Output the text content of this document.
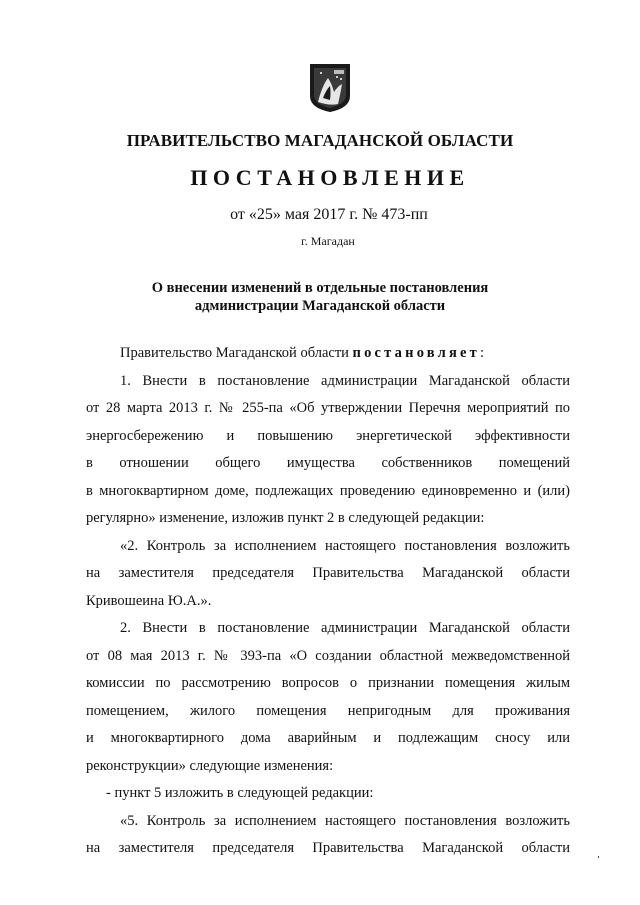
ПРАВИТЕЛЬСТВО МАГАДАНСКОЙ ОБЛАСТИ
ПОСТАНОВЛЕНИЕ
от «25» мая 2017 г. № 473-пп
г. Магадан
О внесении изменений в отдельные постановления
администрации Магаданской области
Правительство Магаданской области постановляет:
1. Внести в постановление администрации Магаданской области
от 28 марта 2013 г. № 255-па «Об утверждении Перечня мероприятий по
энергосбережению и повышению энергетической эффективности
в отношении общего имущества собственников помещений
в многоквартирном доме, подлежащих проведению единовременно и (или)
регулярно» изменение, изложив пункт 2 в следующей редакции:
«2. Контроль за исполнением настоящего постановления возложить
на заместителя председателя Правительства Магаданской области
Кривошеина Ю.А.».
2. Внести в постановление администрации Магаданской области
от 08 мая 2013 г. № 393-па «О создании областной межведомственной
комиссии по рассмотрению вопросов о признании помещения жилым
помещением, жилого помещения непригодным для проживания
и многоквартирного дома аварийным и подлежащим сносу или
реконструкции» следующие изменения:
- пункт 5 изложить в следующей редакции:
«5. Контроль за исполнением настоящего постановления возложить
на заместителя председателя Правительства Магаданской области
